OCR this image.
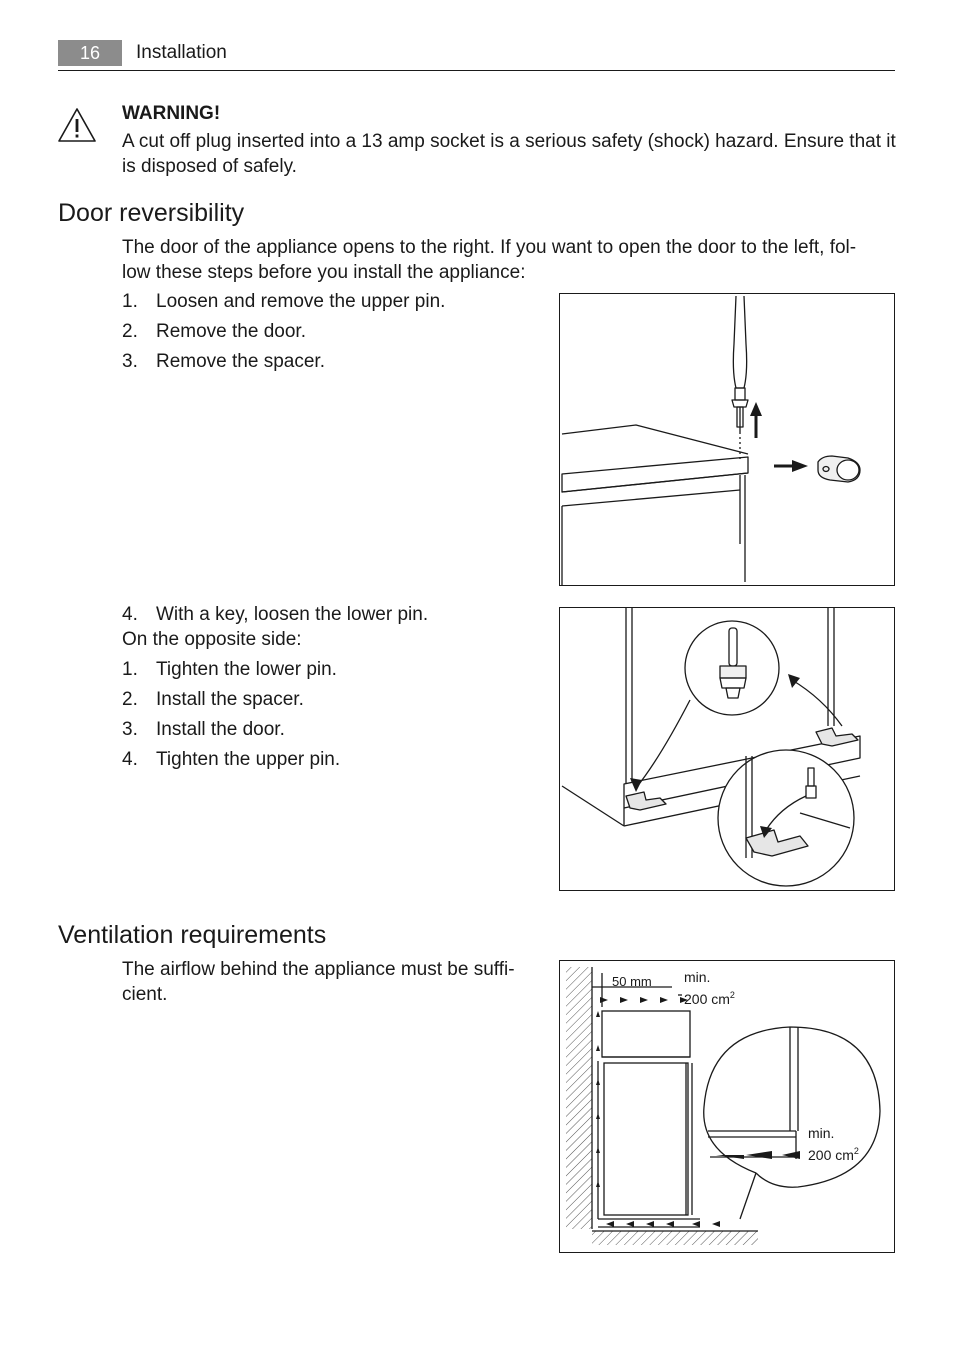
16	Installation
WARNING!
A cut off plug inserted into a 13 amp socket is a serious safety (shock) hazard. Ensure that it is disposed of safely.
Door reversibility
The door of the appliance opens to the right. If you want to open the door to the left, fol-
low these steps before you install the appliance:
1. Loosen and remove the upper pin.
2. Remove the door.
3. Remove the spacer.
4. With a key, loosen the lower pin.
On the opposite side:
1. Tighten the lower pin.
2. Install the spacer.
3. Install the door.
4. Tighten the upper pin.
Ventilation requirements
The airflow behind the appliance must be suffi-
cient.
50 mm min.
200 $cm^2$
min.
200 $cm^2$
